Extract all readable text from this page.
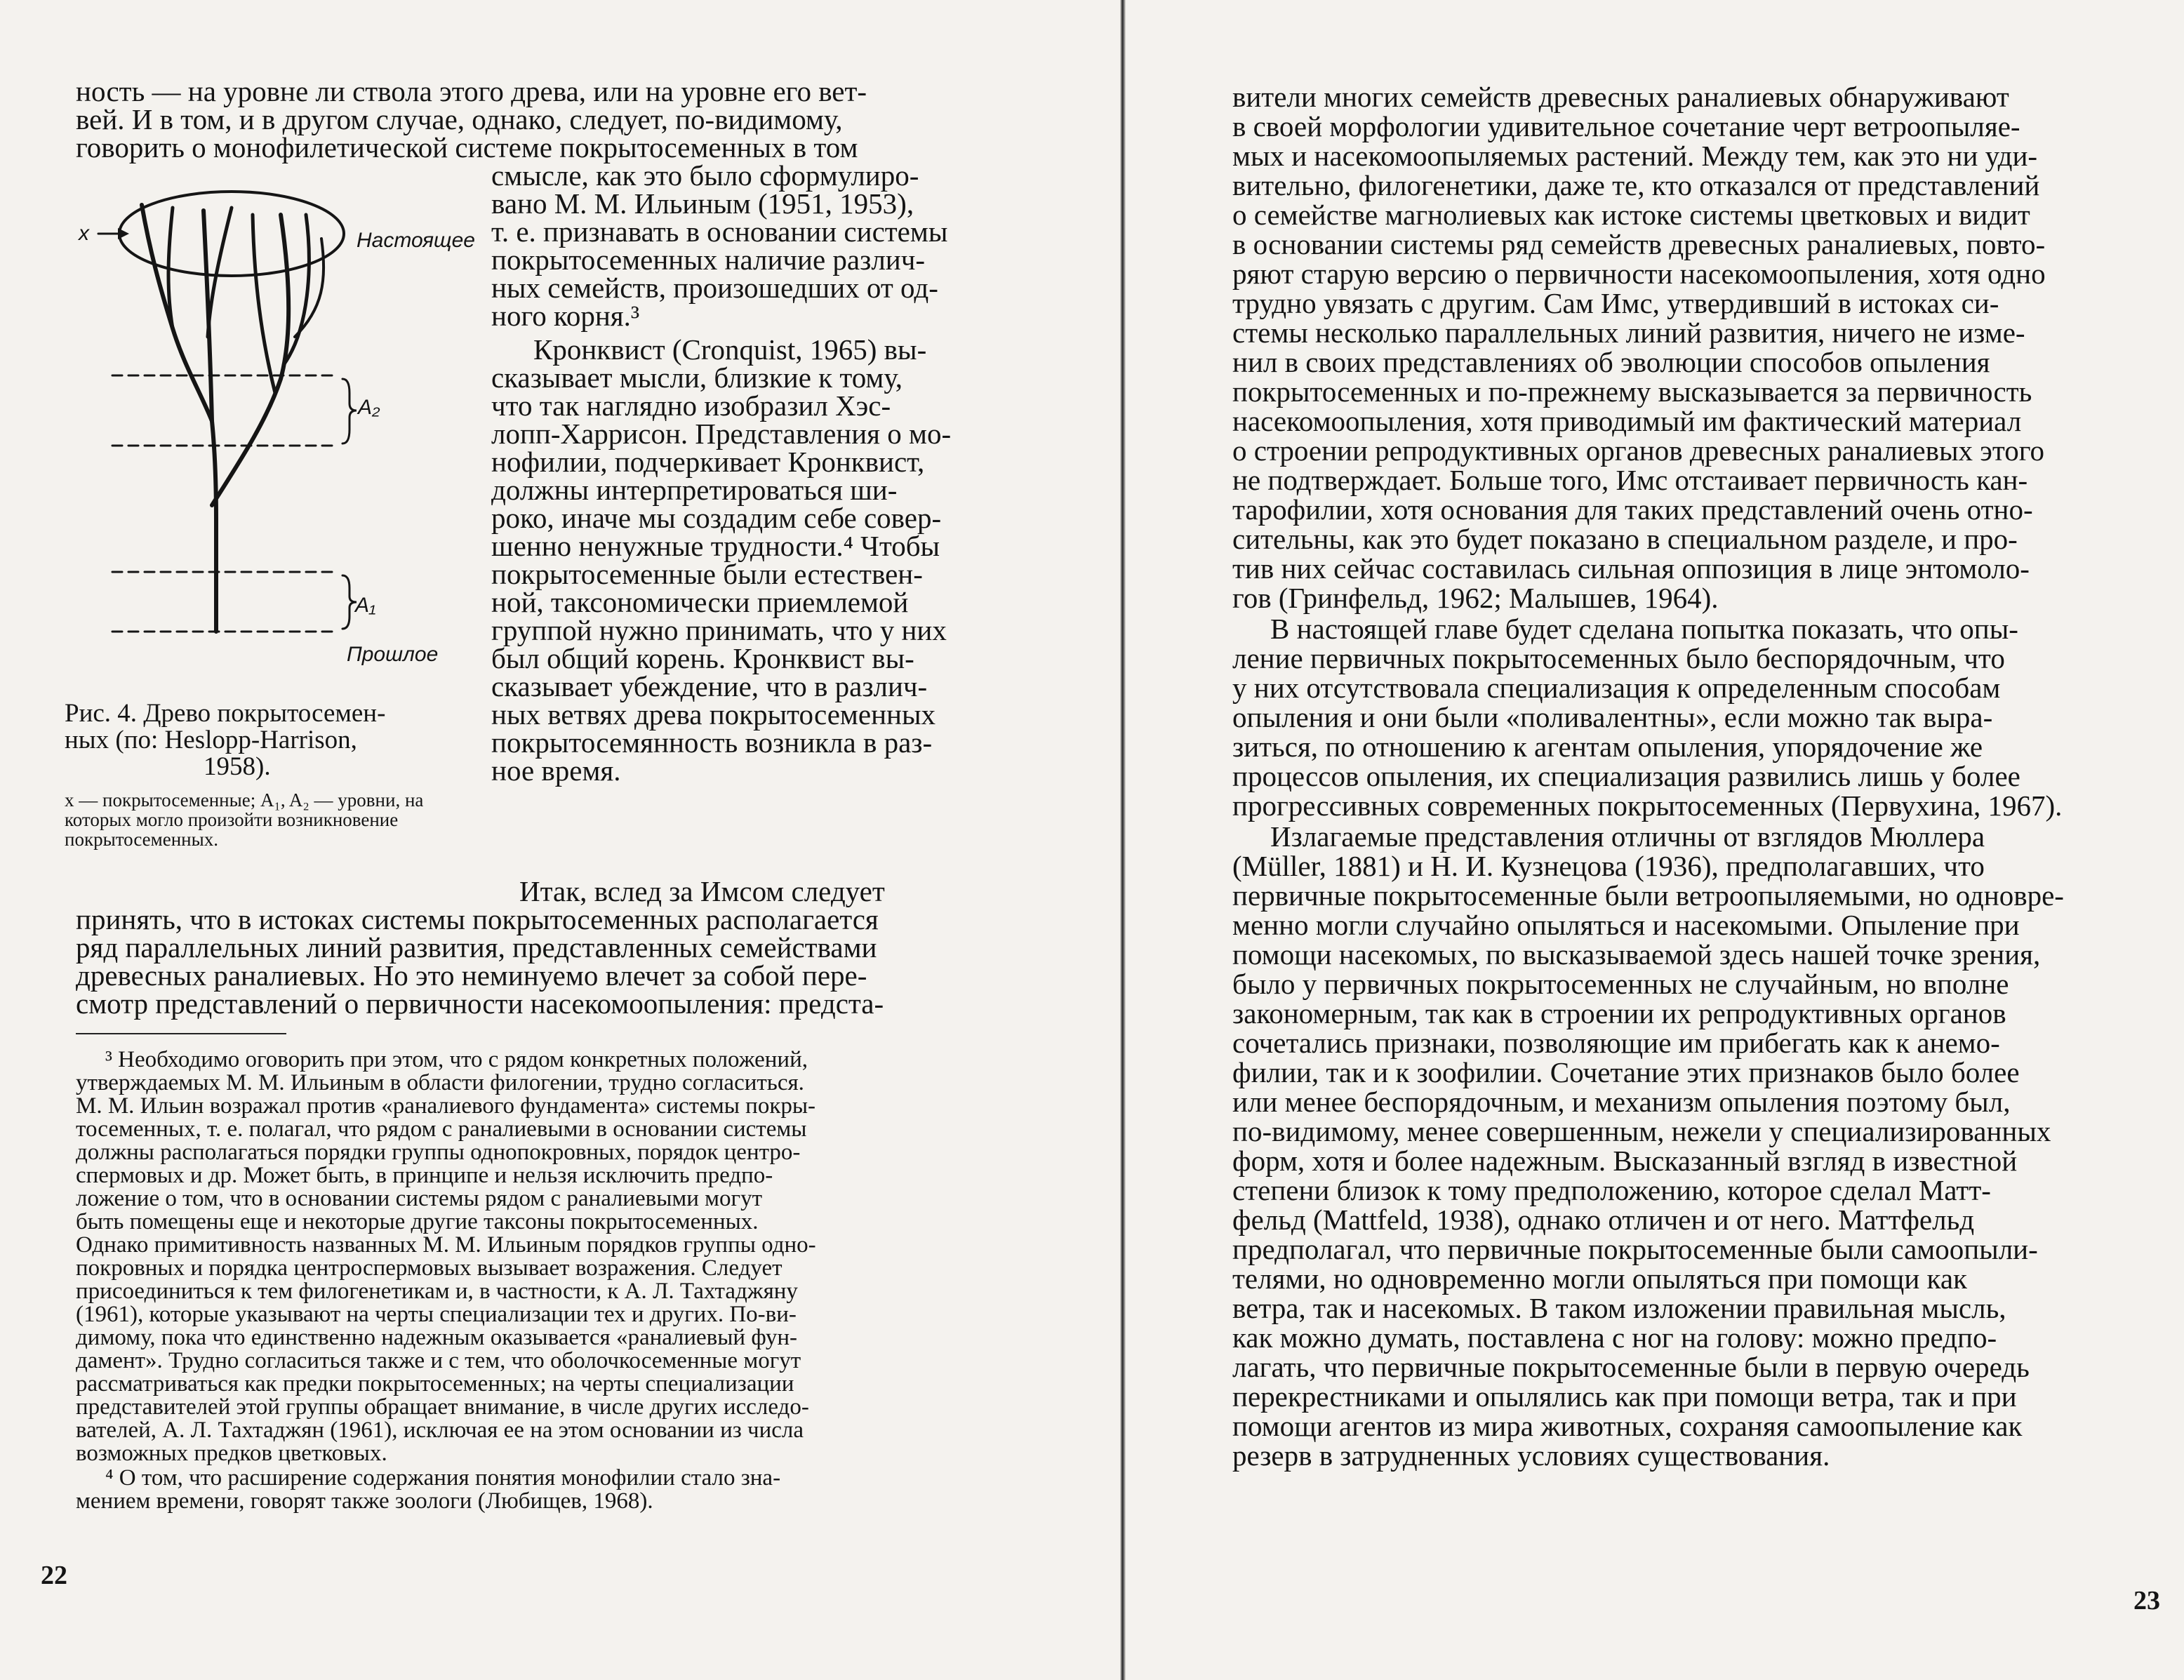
ность — на уровне ли ствола этого древа, или на уровне его вет-

вей. И в том, и в другом случае, однако, следует, по-видимому,

говорить о монофилетической системе покрытосеменных в том

x	Настоящее
A₂
A₁
Прошлое

Рис. 4. Древо покрытосемен-

ных (по: Heslopp-Harrison,

1958).

x — покрытосеменные; A₁, A₂ — уровни, на которых могло произойти возникновение покрытосеменных.

смысле, как это было сформулиро-

вано М. М. Ильиным (1951, 1953),

т. е. признавать в основании системы

покрытосеменных наличие различ-

ных семейств, произошедших от од-

ного корня.³

Кронквист (Cronquist, 1965) вы-

сказывает мысли, близкие к тому,

что так наглядно изобразил Хэс-

лопп-Харрисон. Представления о мо-

нофилии, подчеркивает Кронквист,

должны интерпретироваться ши-

роко, иначе мы создадим себе совер-

шенно ненужные трудности.⁴ Чтобы

покрытосеменные были естествен-

ной, таксономически приемлемой

группой нужно принимать, что у них

был общий корень. Кронквист вы-

сказывает убеждение, что в различ-

ных ветвях древа покрытосеменных

покрытосемянность возникла в раз-

ное время.

Итак, вслед за Имсом следует

принять, что в истоках системы покрытосеменных располагается

ряд параллельных линий развития, представленных семействами

древесных ранaлиевых. Но это неминуемо влечет за собой пере-

смотр представлений о первичности насекомоопыления: предста-

³ Необходимо оговорить при этом, что с рядом конкретных положений,

утверждаемых М. М. Ильиным в области филогении, трудно согласиться.

М. М. Ильин возражал против «ранaлиевого фундамента» системы покры-

тосеменных, т. е. полагал, что рядом с ранaлиевыми в основании системы

должны располагаться порядки группы однопокровных, порядок центро-

спермовых и др. Может быть, в принципе и нельзя исключить предпо-

ложение о том, что в основании системы рядом с ранaлиевыми могут

быть помещены еще и некоторые другие таксоны покрытосеменных.

Однако примитивность названных М. М. Ильиным порядков группы одно-

покровных и порядка центроспермовых вызывает возражения. Следует

присоединиться к тем филогенетикам и, в частности, к А. Л. Тахтаджяну

(1961), которые указывают на черты специализации тех и других. По-ви-

димому, пока что единственно надежным оказывается «ранaлиевый фун-

дамент». Трудно согласиться также и с тем, что оболочкосеменные могут

рассматриваться как предки покрытосеменных; на черты специализации

представителей этой группы обращает внимание, в числе других исследо-

вателей, А. Л. Тахтаджян (1961), исключая ее на этом основании из числа

возможных предков цветковых.

⁴ О том, что расширение содержания понятия монофилии стало зна-

мением времени, говорят также зоологи (Любищев, 1968).

22

вители многих семейств древесных ранaлиевых обнаруживают

в своей морфологии удивительное сочетание черт ветроопыляе-

мых и насекомоопыляемых растений. Между тем, как это ни уди-

вительно, филогенетики, даже те, кто отказался от представлений

о семействе магнолиевых как истоке системы цветковых и видит

в основании системы ряд семейств древесных ранaлиевых, повто-

ряют старую версию о первичности насекомоопыления, хотя одно

трудно увязать с другим. Сам Имс, утвердивший в истоках си-

стемы несколько параллельных линий развития, ничего не изме-

нил в своих представлениях об эволюции способов опыления

покрытосеменных и по-прежнему высказывается за первичность

насекомоопыления, хотя приводимый им фактический материал

о строении репродуктивных органов древесных ранaлиевых этого

не подтверждает. Больше того, Имс отстаивает первичность кан-

тарофилии, хотя основания для таких представлений очень отно-

сительны, как это будет показано в специальном разделе, и про-

тив них сейчас составилась сильная оппозиция в лице энтомоло-

гов (Гринфельд, 1962; Малышев, 1964).

В настоящей главе будет сделана попытка показать, что опы-

ление первичных покрытосеменных было беспорядочным, что

у них отсутствовала специализация к определенным способам

опыления и они были «поливалентны», если можно так выра-

зиться, по отношению к агентам опыления, упорядочение же

процессов опыления, их специализация развились лишь у более

прогрессивных современных покрытосеменных (Первухина, 1967).

Излагаемые представления отличны от взглядов Мюллера

(Müller, 1881) и Н. И. Кузнецова (1936), предполагавших, что

первичные покрытосеменные были ветроопыляемыми, но одновре-

менно могли случайно опыляться и насекомыми. Опыление при

помощи насекомых, по высказываемой здесь нашей точке зрения,

было у первичных покрытосеменных не случайным, но вполне

закономерным, так как в строении их репродуктивных органов

сочетались признаки, позволяющие им прибегать как к анемо-

филии, так и к зоофилии. Сочетание этих признаков было более

или менее беспорядочным, и механизм опыления поэтому был,

по-видимому, менее совершенным, нежели у специализированных

форм, хотя и более надежным. Высказанный взгляд в известной

степени близок к тому предположению, которое сделал Матт-

фельд (Mattfeld, 1938), однако отличен и от него. Маттфельд

предполагал, что первичные покрытосеменные были самоопыли-

телями, но одновременно могли опыляться при помощи как

ветра, так и насекомых. В таком изложении правильная мысль,

как можно думать, поставлена с ног на голову: можно предпо-

лагать, что первичные покрытосеменные были в первую очередь

перекрестниками и опылялись как при помощи ветра, так и при

помощи агентов из мира животных, сохраняя самоопыление как

резерв в затрудненных условиях существования.

23
